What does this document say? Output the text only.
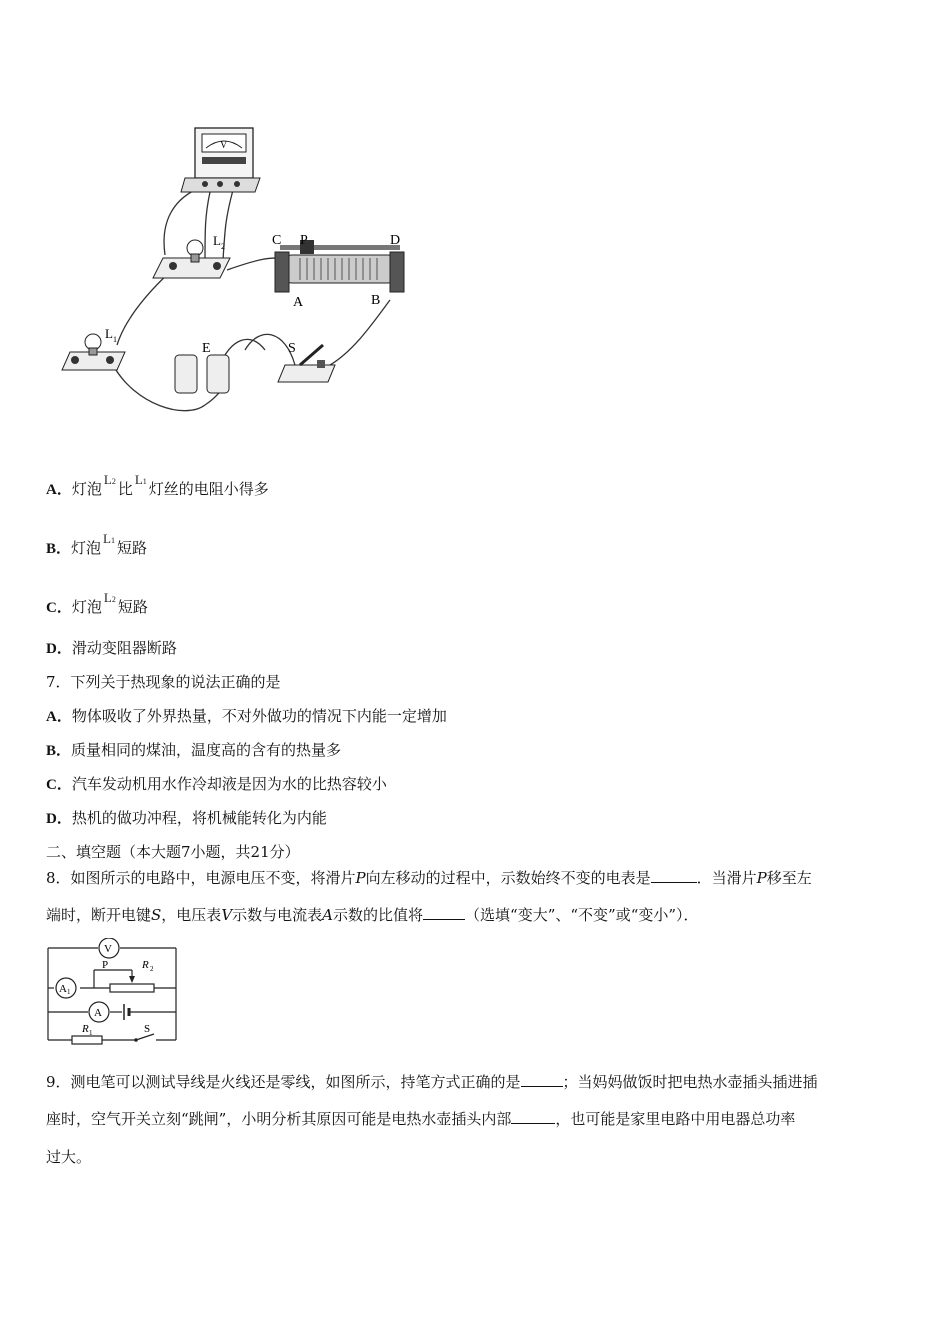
V
L 2	C P	D
A	B
L 1
E	S
A．灯泡L2 比L1 灯丝的电阻小得多
B．灯泡L1 短路
C．灯泡L2 短路
D．滑动变阻器断路
7．下列关于热现象的说法正确的是
A．物体吸收了外界热量，不对外做功的情况下内能一定增加
B．质量相同的煤油，温度高的含有的热量多
C．汽车发动机用水作冷却液是因为水的比热容较小
D．热机的做功冲程，将机械能转化为内能
二、填空题（本大题7小题，共21分）
8．如图所示的电路中，电源电压不变，将滑片P向左移动的过程中，示数始终不变的电表是	．当滑片P移至左
端时，断开电键S，电压表V示数与电流表A示数的比值将	（选填“变大”、“不变”或“变小”）．
V
A 1
P	R 2
A
R 1	S
9．测电笔可以测试导线是火线还是零线，如图所示，持笔方式正确的是	；当妈妈做饭时把电热水壶插头插进插
座时，空气开关立刻“跳闸”，小明分析其原因可能是电热水壶插头内部	，也可能是家里电路中用电器总功率
过大。
